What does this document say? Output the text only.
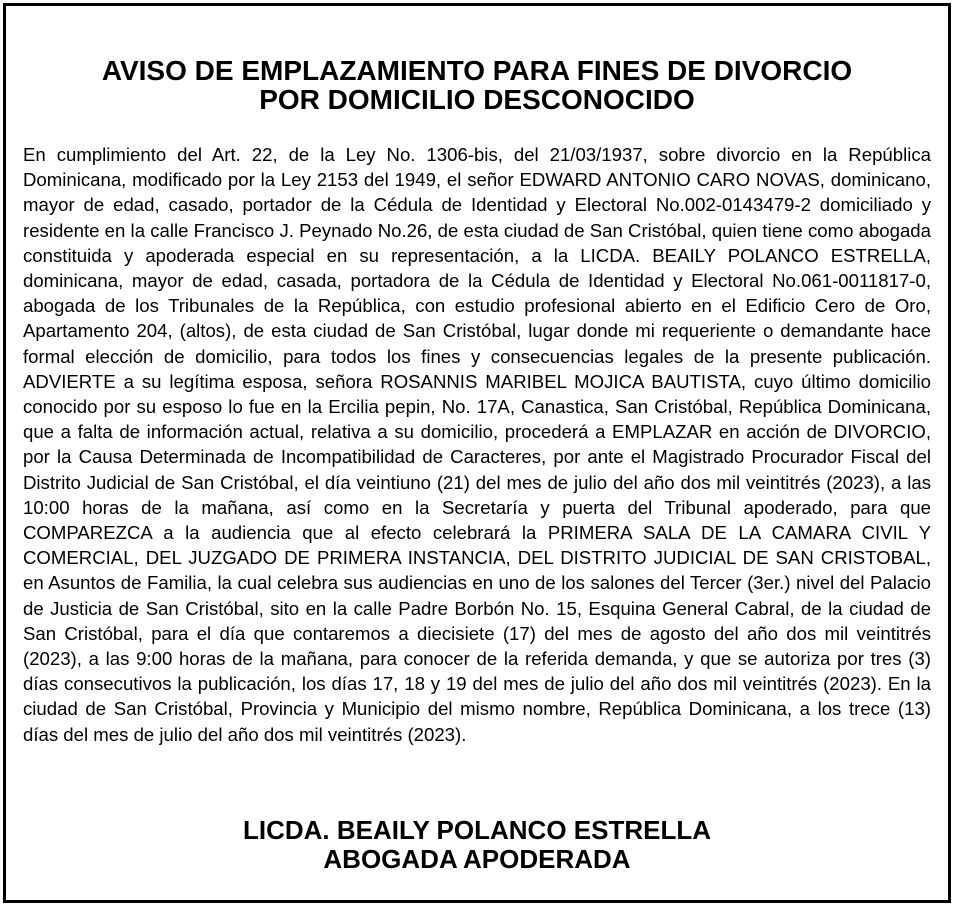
AVISO DE EMPLAZAMIENTO PARA FINES DE DIVORCIO
POR DOMICILIO DESCONOCIDO

En cumplimiento del Art. 22, de la Ley No. 1306-bis, del 21/03/1937, sobre divorcio en la República Dominicana, modificado por la Ley 2153 del 1949, el señor EDWARD ANTONIO CARO NOVAS, dominicano, mayor de edad, casado, portador de la Cédula de Identidad y Electoral No.002-0143479-2 domiciliado y residente en la calle Francisco J. Peynado No.26, de esta ciudad de San Cristóbal, quien tiene como abogada constituida y apoderada especial en su representación, a la LICDA. BEAILY POLANCO ESTRELLA, dominicana, mayor de edad, casada, portadora de la Cédula de Identidad y Electoral No.061-0011817-0, abogada de los Tribunales de la República, con estudio profesional abierto en el Edificio Cero de Oro, Apartamento 204, (altos), de esta ciudad de San Cristóbal, lugar donde mi requeriente o demandante hace formal elección de domicilio, para todos los fines y consecuencias legales de la presente publicación. ADVIERTE a su legítima esposa, señora ROSANNIS MARIBEL MOJICA BAUTISTA, cuyo último domicilio conocido por su esposo lo fue en la Ercilia pepin, No. 17A, Canastica, San Cristóbal, República Dominicana, que a falta de información actual, relativa a su domicilio, procederá a EMPLAZAR en acción de DIVORCIO, por la Causa Determinada de Incompatibilidad de Caracteres, por ante el Magistrado Procurador Fiscal del Distrito Judicial de San Cristóbal, el día veintiuno (21) del mes de julio del año dos mil veintitrés (2023), a las 10:00 horas de la mañana, así como en la Secretaría y puerta del Tribunal apoderado, para que COMPAREZCA a la audiencia que al efecto celebrará la PRIMERA SALA DE LA CAMARA CIVIL Y COMERCIAL, DEL JUZGADO DE PRIMERA INSTANCIA, DEL DISTRITO JUDICIAL DE SAN CRISTOBAL, en Asuntos de Familia, la cual celebra sus audiencias en uno de los salones del Tercer (3er.) nivel del Palacio de Justicia de San Cristóbal, sito en la calle Padre Borbón No. 15, Esquina General Cabral, de la ciudad de San Cristóbal, para el día que contaremos a diecisiete (17) del mes de agosto del año dos mil veintitrés (2023), a las 9:00 horas de la mañana, para conocer de la referida demanda, y que se autoriza por tres (3) días consecutivos la publicación, los días 17, 18 y 19 del mes de julio del año dos mil veintitrés (2023). En la ciudad de San Cristóbal, Provincia y Municipio del mismo nombre, República Dominicana, a los trece (13) días del mes de julio del año dos mil veintitrés (2023).

LICDA. BEAILY POLANCO ESTRELLA
ABOGADA APODERADA
